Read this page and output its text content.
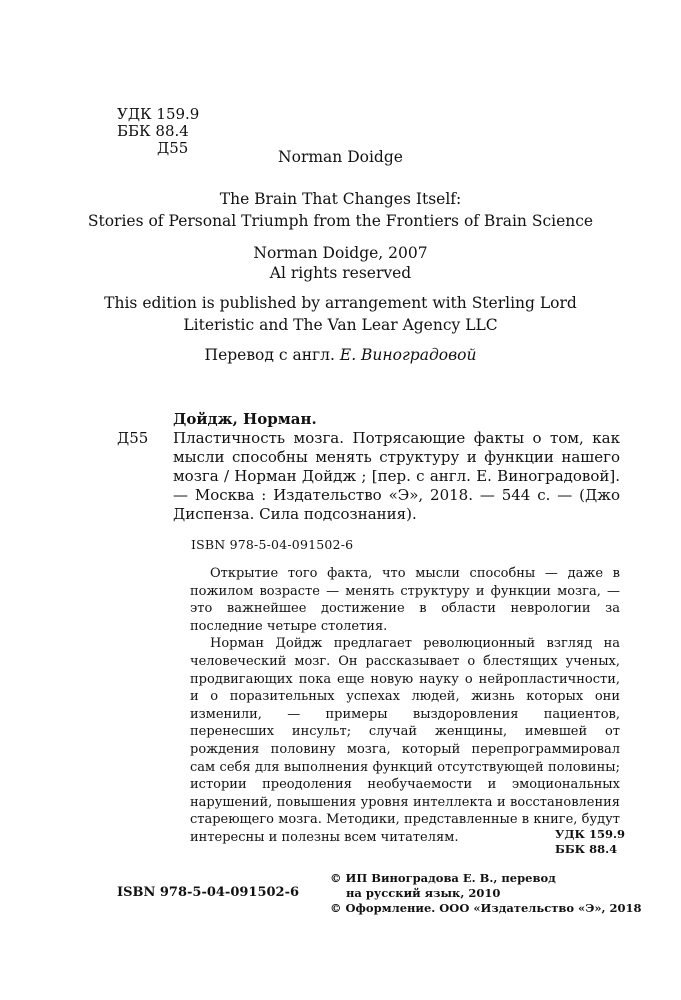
УДК 159.9
ББК 88.4
Д55	Norman Doidge
The Brain That Changes Itself:
Stories of Personal Triumph from the Frontiers of Brain Science
Norman Doidge, 2007
Al rights reserved
This edition is published by arrangement with Sterling Lord
Literistic and The Van Lear Agency LLC
Перевод с англ. Е. Виноградовой
Д55
Дойдж, Норман.
Пластичность мозга. Потрясающие факты о том, как мысли способны менять структуру и функции нашего мозга / Норман Дойдж ; [пер. с англ. Е. Виноградовой]. — Москва : Издательство «Э», 2018. — 544 с. — (Джо Диспенза. Сила подсознания).
ISBN 978-5-04-091502-6

Открытие того факта, что мысли способны — даже в пожилом возрасте — менять структуру и функции мозга, — это важнейшее достижение в области неврологии за последние четыре столетия.

Норман Дойдж предлагает революционный взгляд на человеческий мозг. Он рассказывает о блестящих ученых, продвигающих пока еще новую науку о нейропластичности, и о поразительных успехах людей, жизнь которых они изменили, — примеры выздоровления пациентов, перенесших инсульт; случай женщины, имевшей от рождения половину мозга, который перепрограммировал сам себя для выполнения функций отсутствующей половины; истории преодоления необучаемости и эмоциональных нарушений, повышения уровня интеллекта и восстановления стареющего мозга. Методики, представленные в книге, будут интересны и полезны всем читателям.	УДК 159.9
ББК 88.4
© ИП Виноградова Е. В., перевод
на русский язык, 2010
© Оформление. ООО «Издательство «Э», 2018
ISBN 978-5-04-091502-6
